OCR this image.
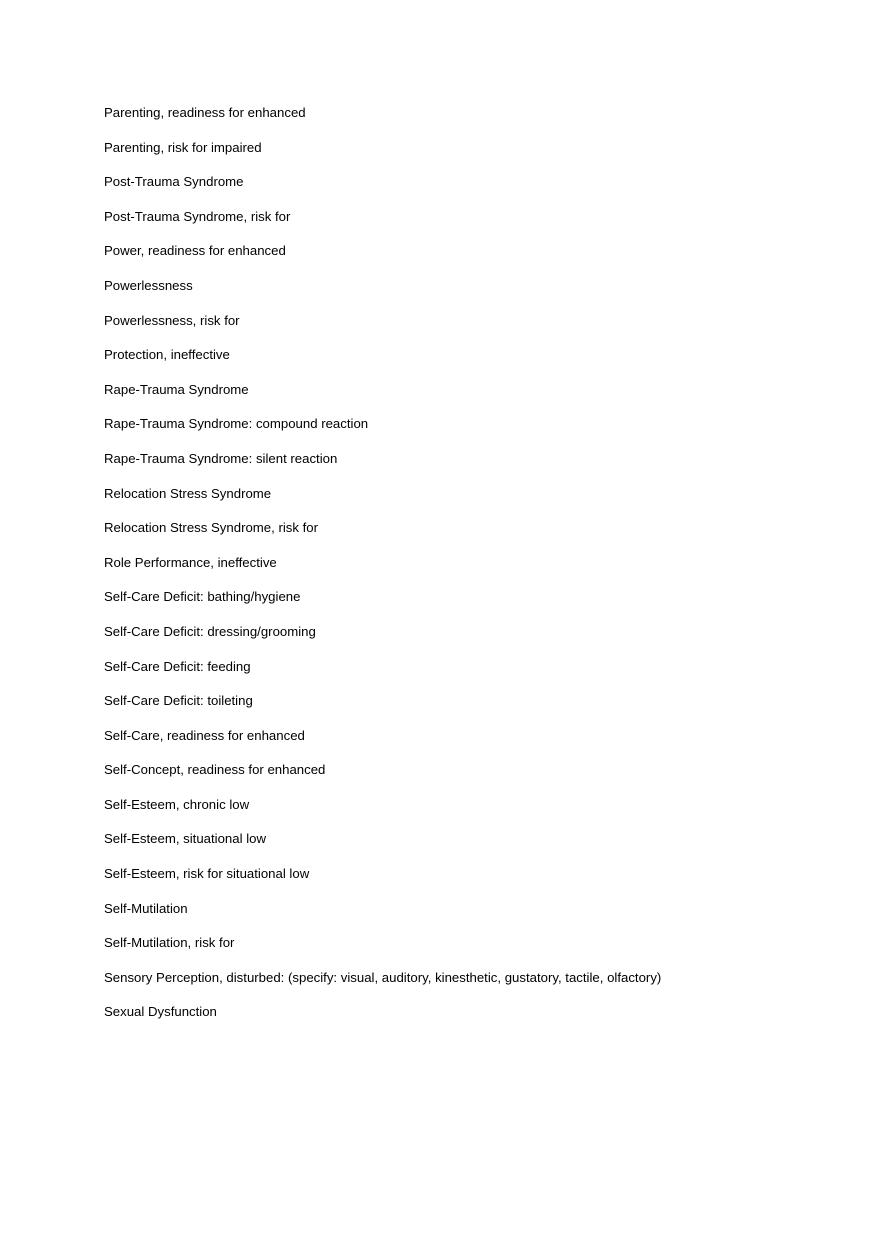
Parenting, readiness for enhanced
Parenting, risk for impaired
Post-Trauma Syndrome
Post-Trauma Syndrome, risk for
Power, readiness for enhanced
Powerlessness
Powerlessness, risk for
Protection, ineffective
Rape-Trauma Syndrome
Rape-Trauma Syndrome: compound reaction
Rape-Trauma Syndrome: silent reaction
Relocation Stress Syndrome
Relocation Stress Syndrome, risk for
Role Performance, ineffective
Self-Care Deficit: bathing/hygiene
Self-Care Deficit: dressing/grooming
Self-Care Deficit: feeding
Self-Care Deficit: toileting
Self-Care, readiness for enhanced
Self-Concept, readiness for enhanced
Self-Esteem, chronic low
Self-Esteem, situational low
Self-Esteem, risk for situational low
Self-Mutilation
Self-Mutilation, risk for
Sensory Perception, disturbed: (specify: visual, auditory, kinesthetic, gustatory, tactile, olfactory)
Sexual Dysfunction
